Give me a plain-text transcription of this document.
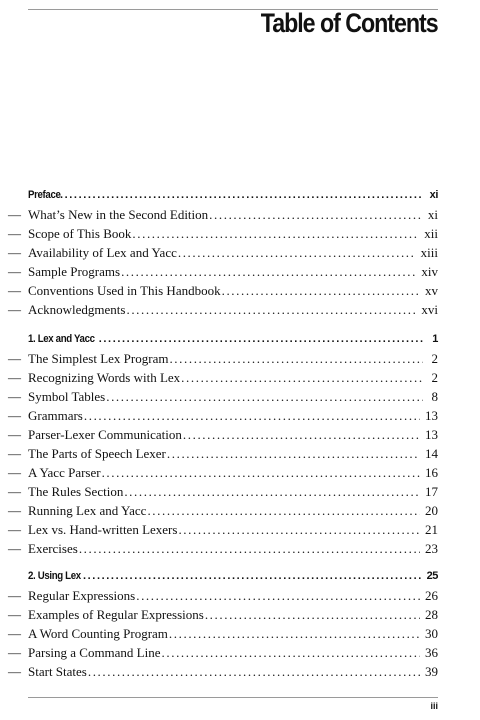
Table of Contents
Preface .....	xi
— What’s New in the Second Edition .....	xi
— Scope of This Book .....	xii
— Availability of Lex and Yacc .....	xiii
— Sample Programs .....	xiv
— Conventions Used in This Handbook .....	xv
— Acknowledgments .....	xvi
1. Lex and Yacc .....	1
— The Simplest Lex Program .....	2
— Recognizing Words with Lex .....	2
— Symbol Tables .....	8
— Grammars .....	13
— Parser-Lexer Communication .....	13
— The Parts of Speech Lexer .....	14
— A Yacc Parser .....	16
— The Rules Section .....	17
— Running Lex and Yacc .....	20
— Lex vs. Hand-written Lexers .....	21
— Exercises .....	23
2. Using Lex .....	25
— Regular Expressions .....	26
— Examples of Regular Expressions .....	28
— A Word Counting Program .....	30
— Parsing a Command Line .....	36
— Start States .....	39
iii
